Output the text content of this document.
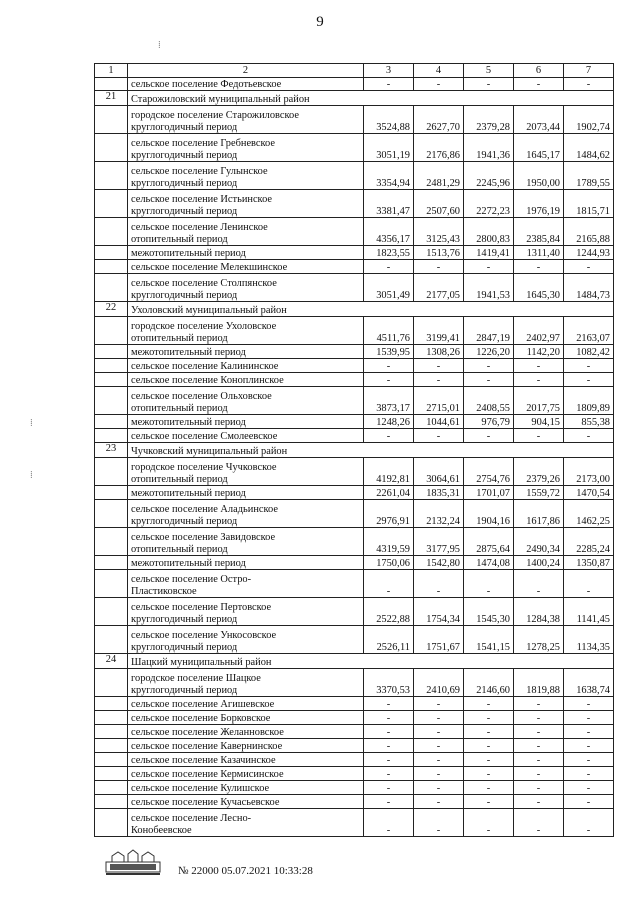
9
⁞
⁞
⁞
1	2	3	4	5	6	7
	сельское поселение Федотьевское	-	-	-	-	-
21	Старожиловский муниципальный район					
	городское поселение Старожиловское
круглогодичный период	3524,88	2627,70	2379,28	2073,44	1902,74
	сельское поселение Гребневское
круглогодичный период	3051,19	2176,86	1941,36	1645,17	1484,62
	сельское поселение Гулынское
круглогодичный период	3354,94	2481,29	2245,96	1950,00	1789,55
	сельское поселение Истьинское
круглогодичный период	3381,47	2507,60	2272,23	1976,19	1815,71
	сельское поселение Ленинское
отопительный период	4356,17	3125,43	2800,83	2385,84	2165,88
	межотопительный период	1823,55	1513,76	1419,41	1311,40	1244,93
	сельское поселение Мелекшинское	-	-	-	-	-
	сельское поселение Столпянское
круглогодичный период	3051,49	2177,05	1941,53	1645,30	1484,73
22	Ухоловский муниципальный район					
	городское поселение Ухоловское
отопительный период	4511,76	3199,41	2847,19	2402,97	2163,07
	межотопительный период	1539,95	1308,26	1226,20	1142,20	1082,42
	сельское поселение Калининское	-	-	-	-	-
	сельское поселение Коноплинское	-	-	-	-	-
	сельское поселение Ольховское
отопительный период	3873,17	2715,01	2408,55	2017,75	1809,89
	межотопительный период	1248,26	1044,61	976,79	904,15	855,38
	сельское поселение Смолеевское	-	-	-	-	-
23	Чучковский муниципальный район					
	городское поселение Чучковское
отопительный период	4192,81	3064,61	2754,76	2379,26	2173,00
	межотопительный период	2261,04	1835,31	1701,07	1559,72	1470,54
	сельское поселение Аладьинское
круглогодичный период	2976,91	2132,24	1904,16	1617,86	1462,25
	сельское поселение Завидовское
отопительный период	4319,59	3177,95	2875,64	2490,34	2285,24
	межотопительный период	1750,06	1542,80	1474,08	1400,24	1350,87
	сельское поселение Остро-
Пластиковское	-	-	-	-	-
	сельское поселение Пертовское
круглогодичный период	2522,88	1754,34	1545,30	1284,38	1141,45
	сельское поселение Ункосовское
круглогодичный период	2526,11	1751,67	1541,15	1278,25	1134,35
24	Шацкий муниципальный район					
	городское поселение Шацкое
круглогодичный период	3370,53	2410,69	2146,60	1819,88	1638,74
	сельское поселение Агишевское	-	-	-	-	-
	сельское поселение Борковское	-	-	-	-	-
	сельское поселение Желанновское	-	-	-	-	-
	сельское поселение Кавернинское	-	-	-	-	-
	сельское поселение Казачинское	-	-	-	-	-
	сельское поселение Кермисинское	-	-	-	-	-
	сельское поселение Кулишское	-	-	-	-	-
	сельское поселение Кучасьевское	-	-	-	-	-
	сельское поселение Лесно-
Конобеевское	-	-	-	-	-
№ 22000 05.07.2021 10:33:28
